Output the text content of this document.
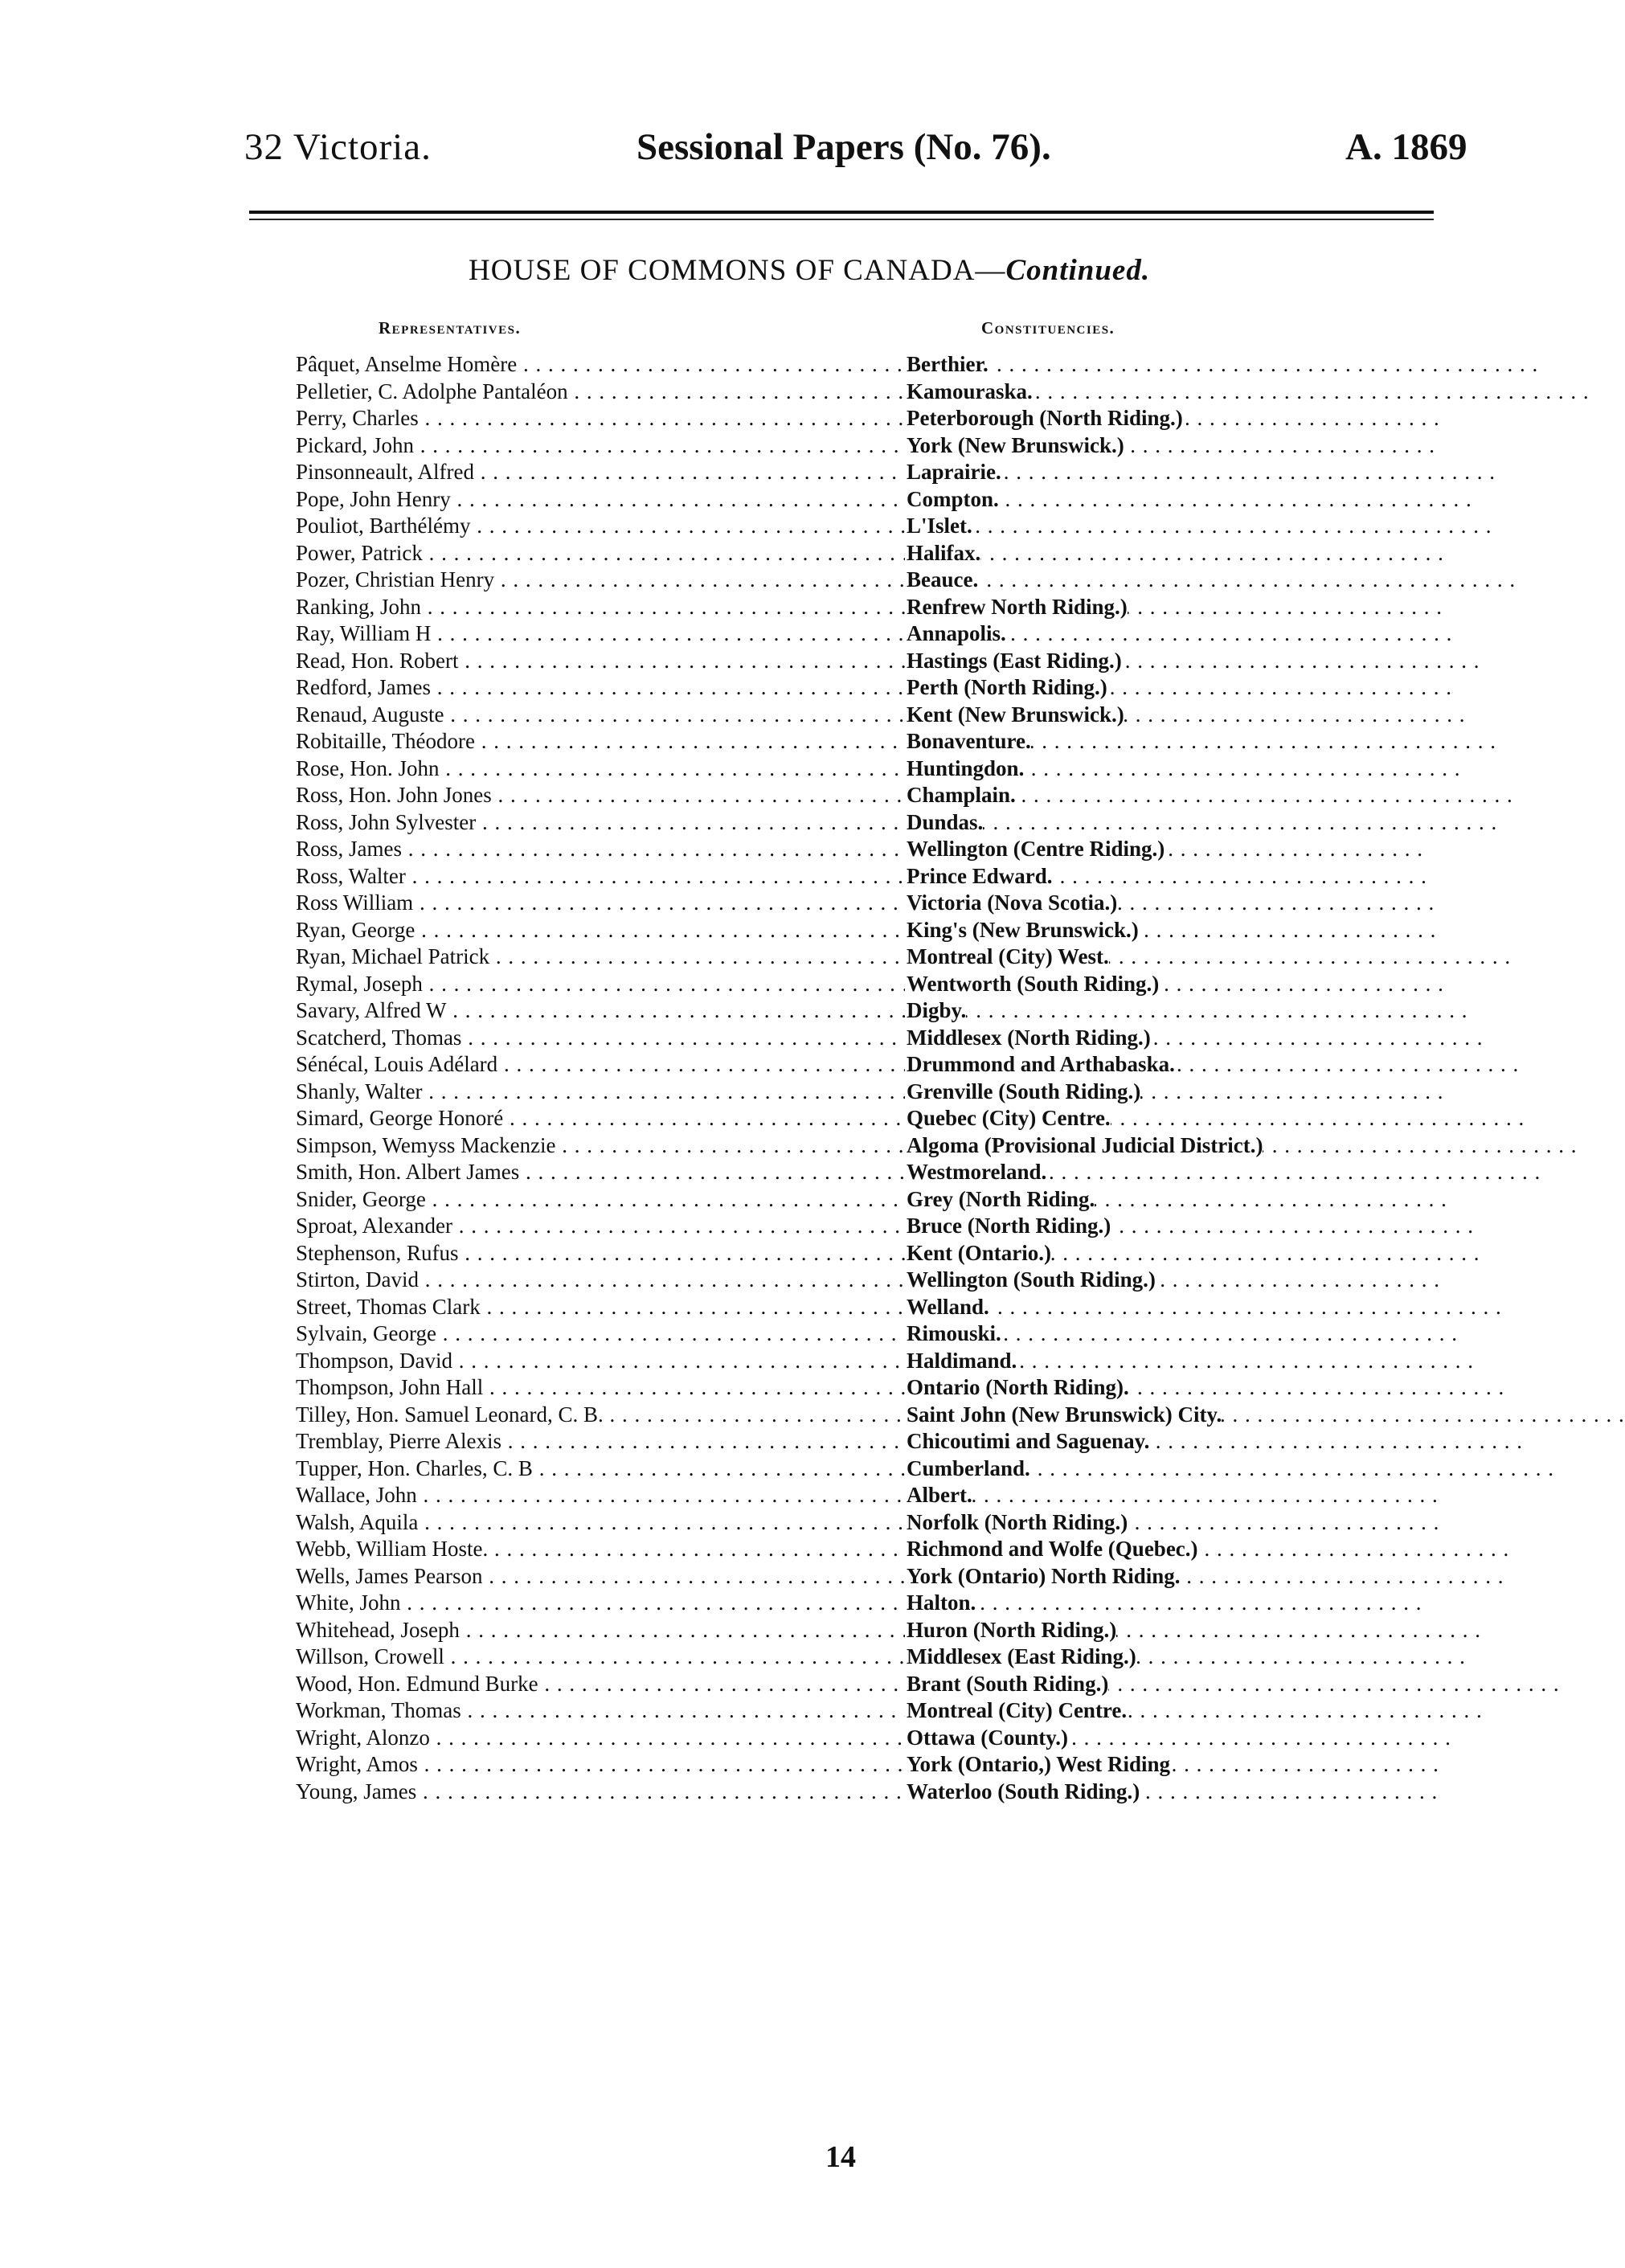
32 Victoria.	Sessional Papers (No. 76).	A. 1869
HOUSE OF COMMONS OF CANADA—Continued.
Representatives.	Constituencies.
Pâquet, Anselme Homère . . .	Berthier.
Pelletier, C. Adolphe Pantaléon . . .	Kamouraska.
Perry, Charles . . .	Peterborough (North Riding.)
Pickard, John . . .	York (New Brunswick.)
Pinsonneault, Alfred . . .	Laprairie.
Pope, John Henry . . .	Compton.
Pouliot, Barthélémy . . .	L'Islet.
Power, Patrick . . .	Halifax.
Pozer, Christian Henry . . .	Beauce.
Ranking, John . . .	Renfrew North Riding.)
Ray, William H . . .	Annapolis.
Read, Hon. Robert . . .	Hastings (East Riding.)
Redford, James . . .	Perth (North Riding.)
Renaud, Auguste . . .	Kent (New Brunswick.)
Robitaille, Théodore . . .	Bonaventure.
Rose, Hon. John . . .	Huntingdon.
Ross, Hon. John Jones . . .	Champlain.
Ross, John Sylvester . . .	Dundas.
Ross, James . . .	Wellington (Centre Riding.)
Ross, Walter . . .	Prince Edward.
Ross William . . .	Victoria (Nova Scotia.)
Ryan, George . . .	King's (New Brunswick.)
Ryan, Michael Patrick . . .	Montreal (City) West.
Rymal, Joseph . . .	Wentworth (South Riding.)
Savary, Alfred W . . .	Digby.
Scatcherd, Thomas . . .	Middlesex (North Riding.)
Sénécal, Louis Adélard . . .	Drummond and Arthabaska.
Shanly, Walter . . .	Grenville (South Riding.)
Simard, George Honoré . . .	Quebec (City) Centre.
Simpson, Wemyss Mackenzie . . .	Algoma (Provisional Judicial District.)
Smith, Hon. Albert James . . .	Westmoreland.
Snider, George . . .	Grey (North Riding.
Sproat, Alexander . . .	Bruce (North Riding.)
Stephenson, Rufus . . .	Kent (Ontario.)
Stirton, David . . .	Wellington (South Riding.)
Street, Thomas Clark . . .	Welland.
Sylvain, George . . .	Rimouski.
Thompson, David . . .	Haldimand.
Thompson, John Hall . . .	Ontario (North Riding).
Tilley, Hon. Samuel Leonard, C. B. . . .	Saint John (New Brunswick) City.
Tremblay, Pierre Alexis . . .	Chicoutimi and Saguenay.
Tupper, Hon. Charles, C. B . . .	Cumberland.
Wallace, John . . .	Albert.
Walsh, Aquila . . .	Norfolk (North Riding.)
Webb, William Hoste. . . .	Richmond and Wolfe (Quebec.)
Wells, James Pearson . . .	York (Ontario) North Riding.
White, John . . .	Halton.
Whitehead, Joseph . . .	Huron (North Riding.)
Willson, Crowell . . .	Middlesex (East Riding.)
Wood, Hon. Edmund Burke . . .	Brant (South Riding.)
Workman, Thomas . . .	Montreal (City) Centre.
Wright, Alonzo . . .	Ottawa (County.)
Wright, Amos . . .	York (Ontario,) West Riding
Young, James . . .	Waterloo (South Riding.)
14
